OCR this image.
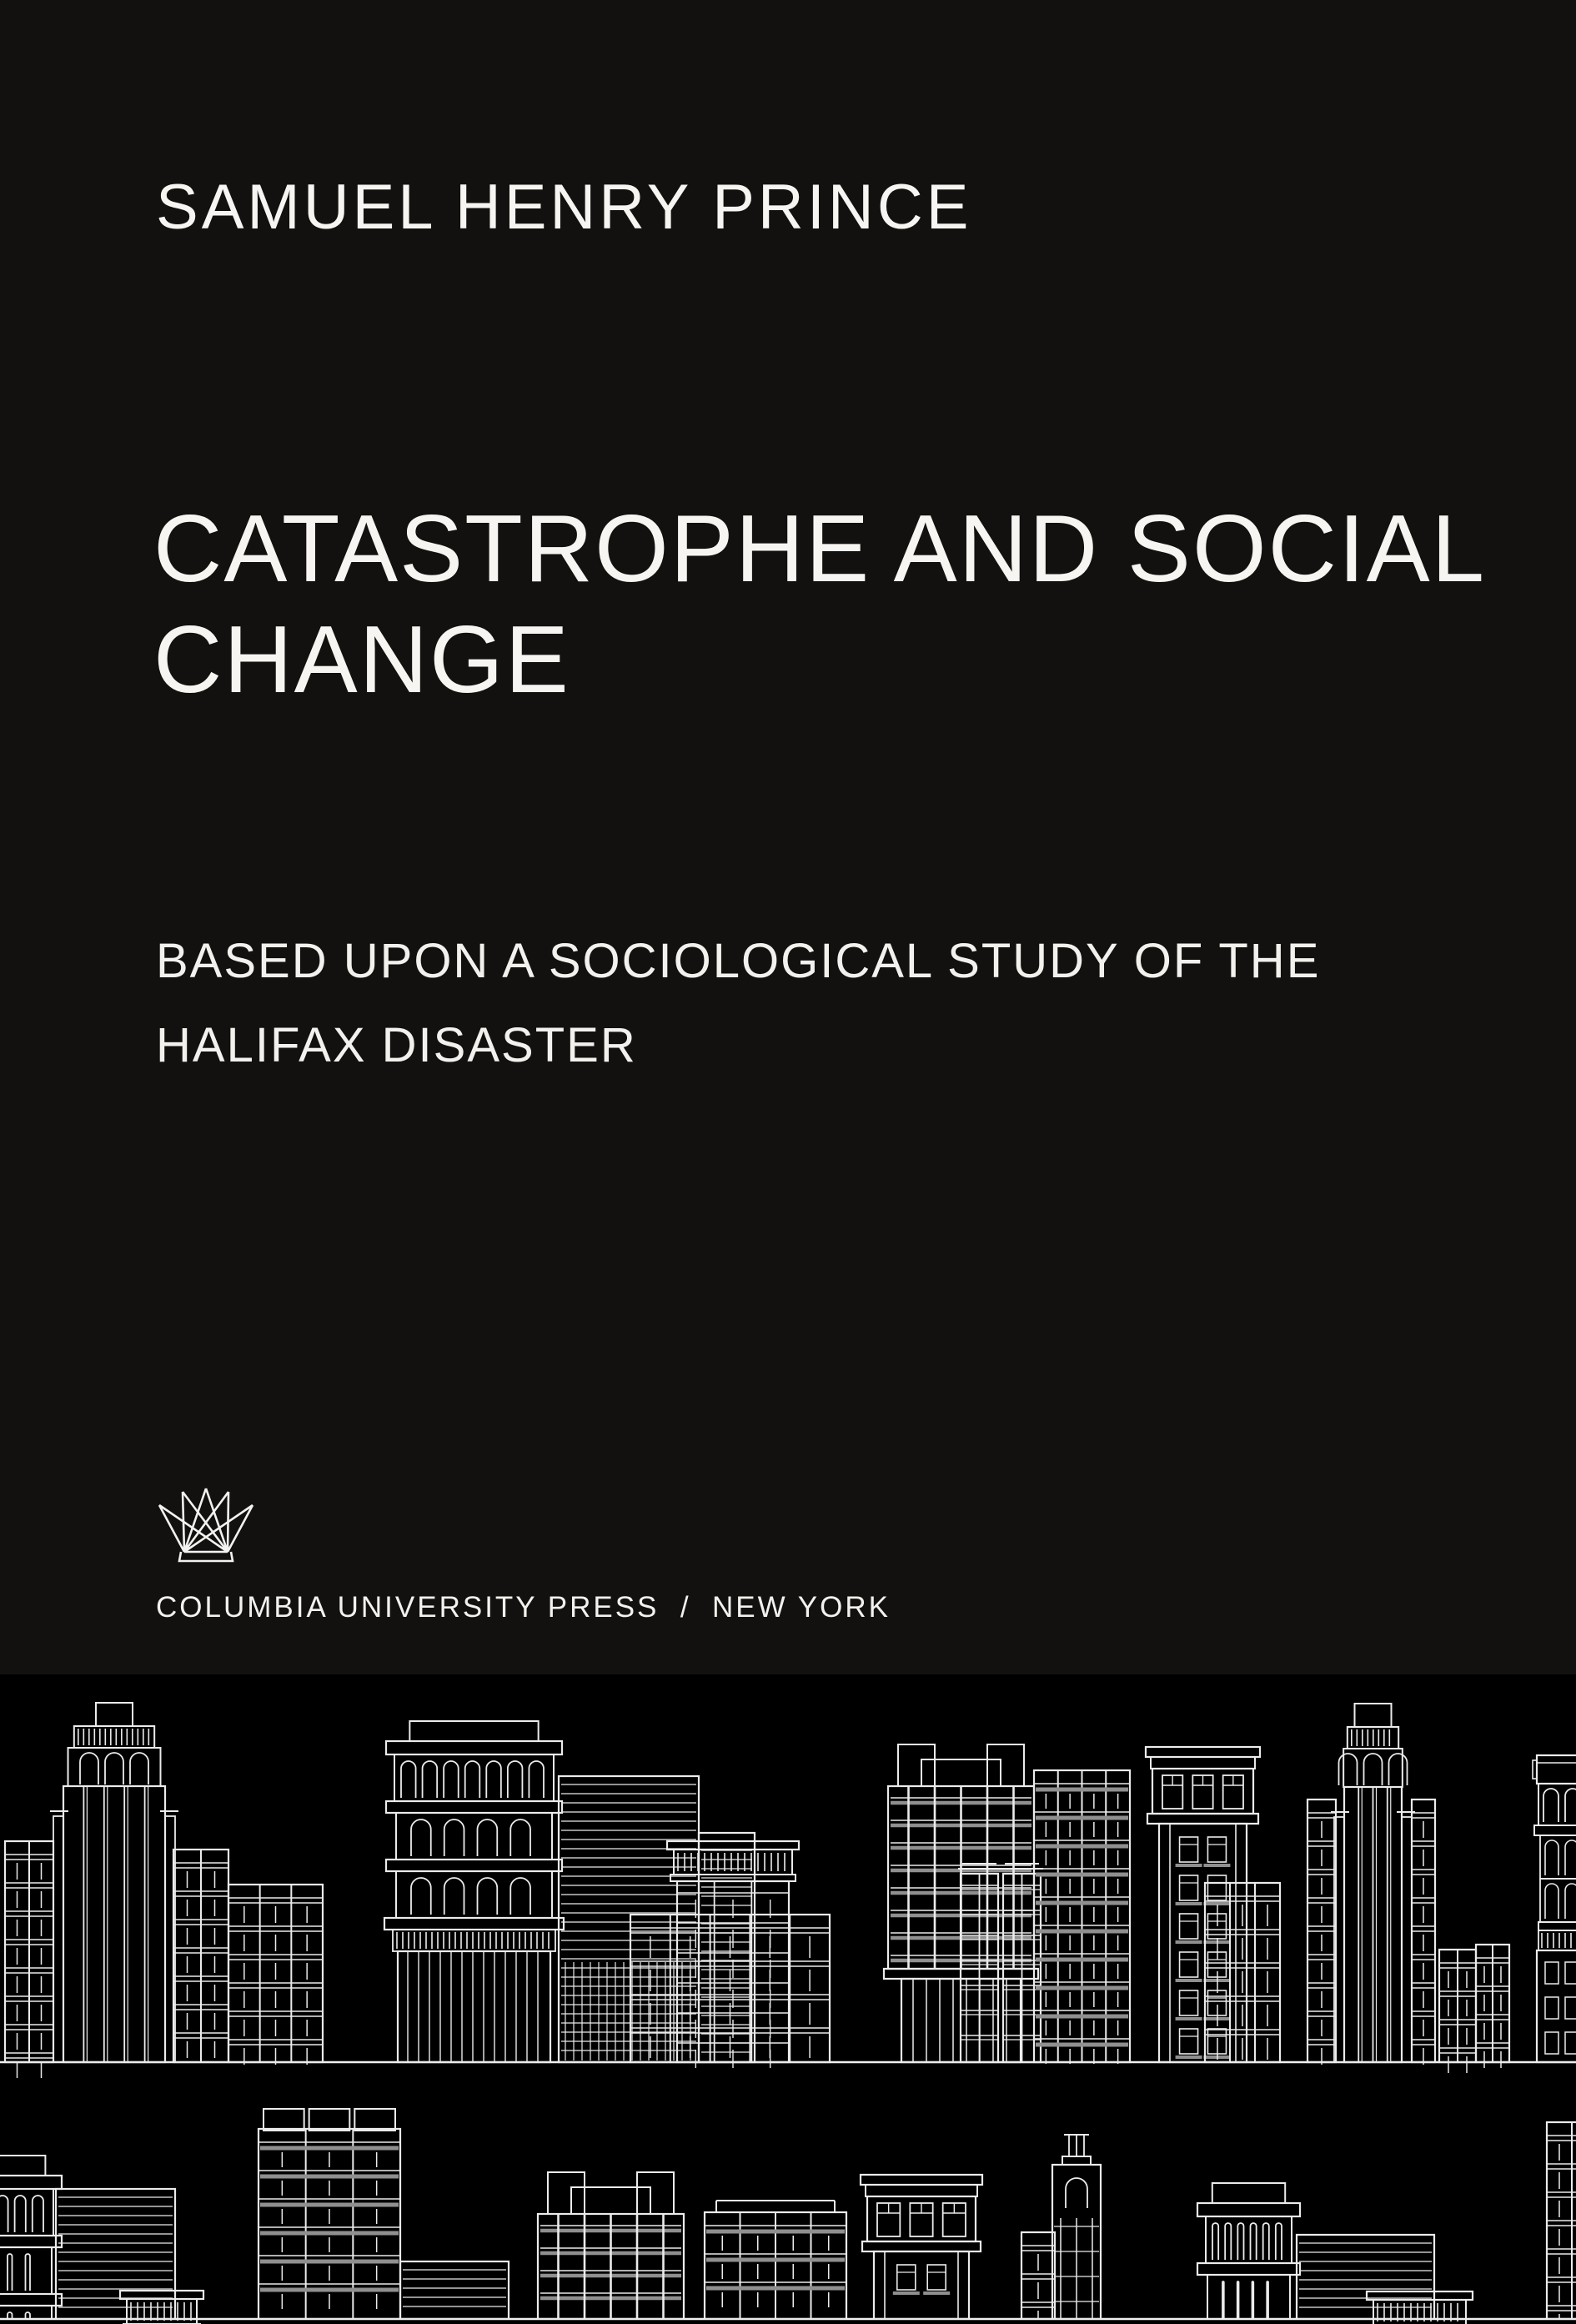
SAMUEL HENRY PRINCE
CATASTROPHE AND SOCIAL
CHANGE
BASED UPON A SOCIOLOGICAL STUDY OF THE
HALIFAX DISASTER
COLUMBIA UNIVERSITY PRESS  /  NEW YORK
